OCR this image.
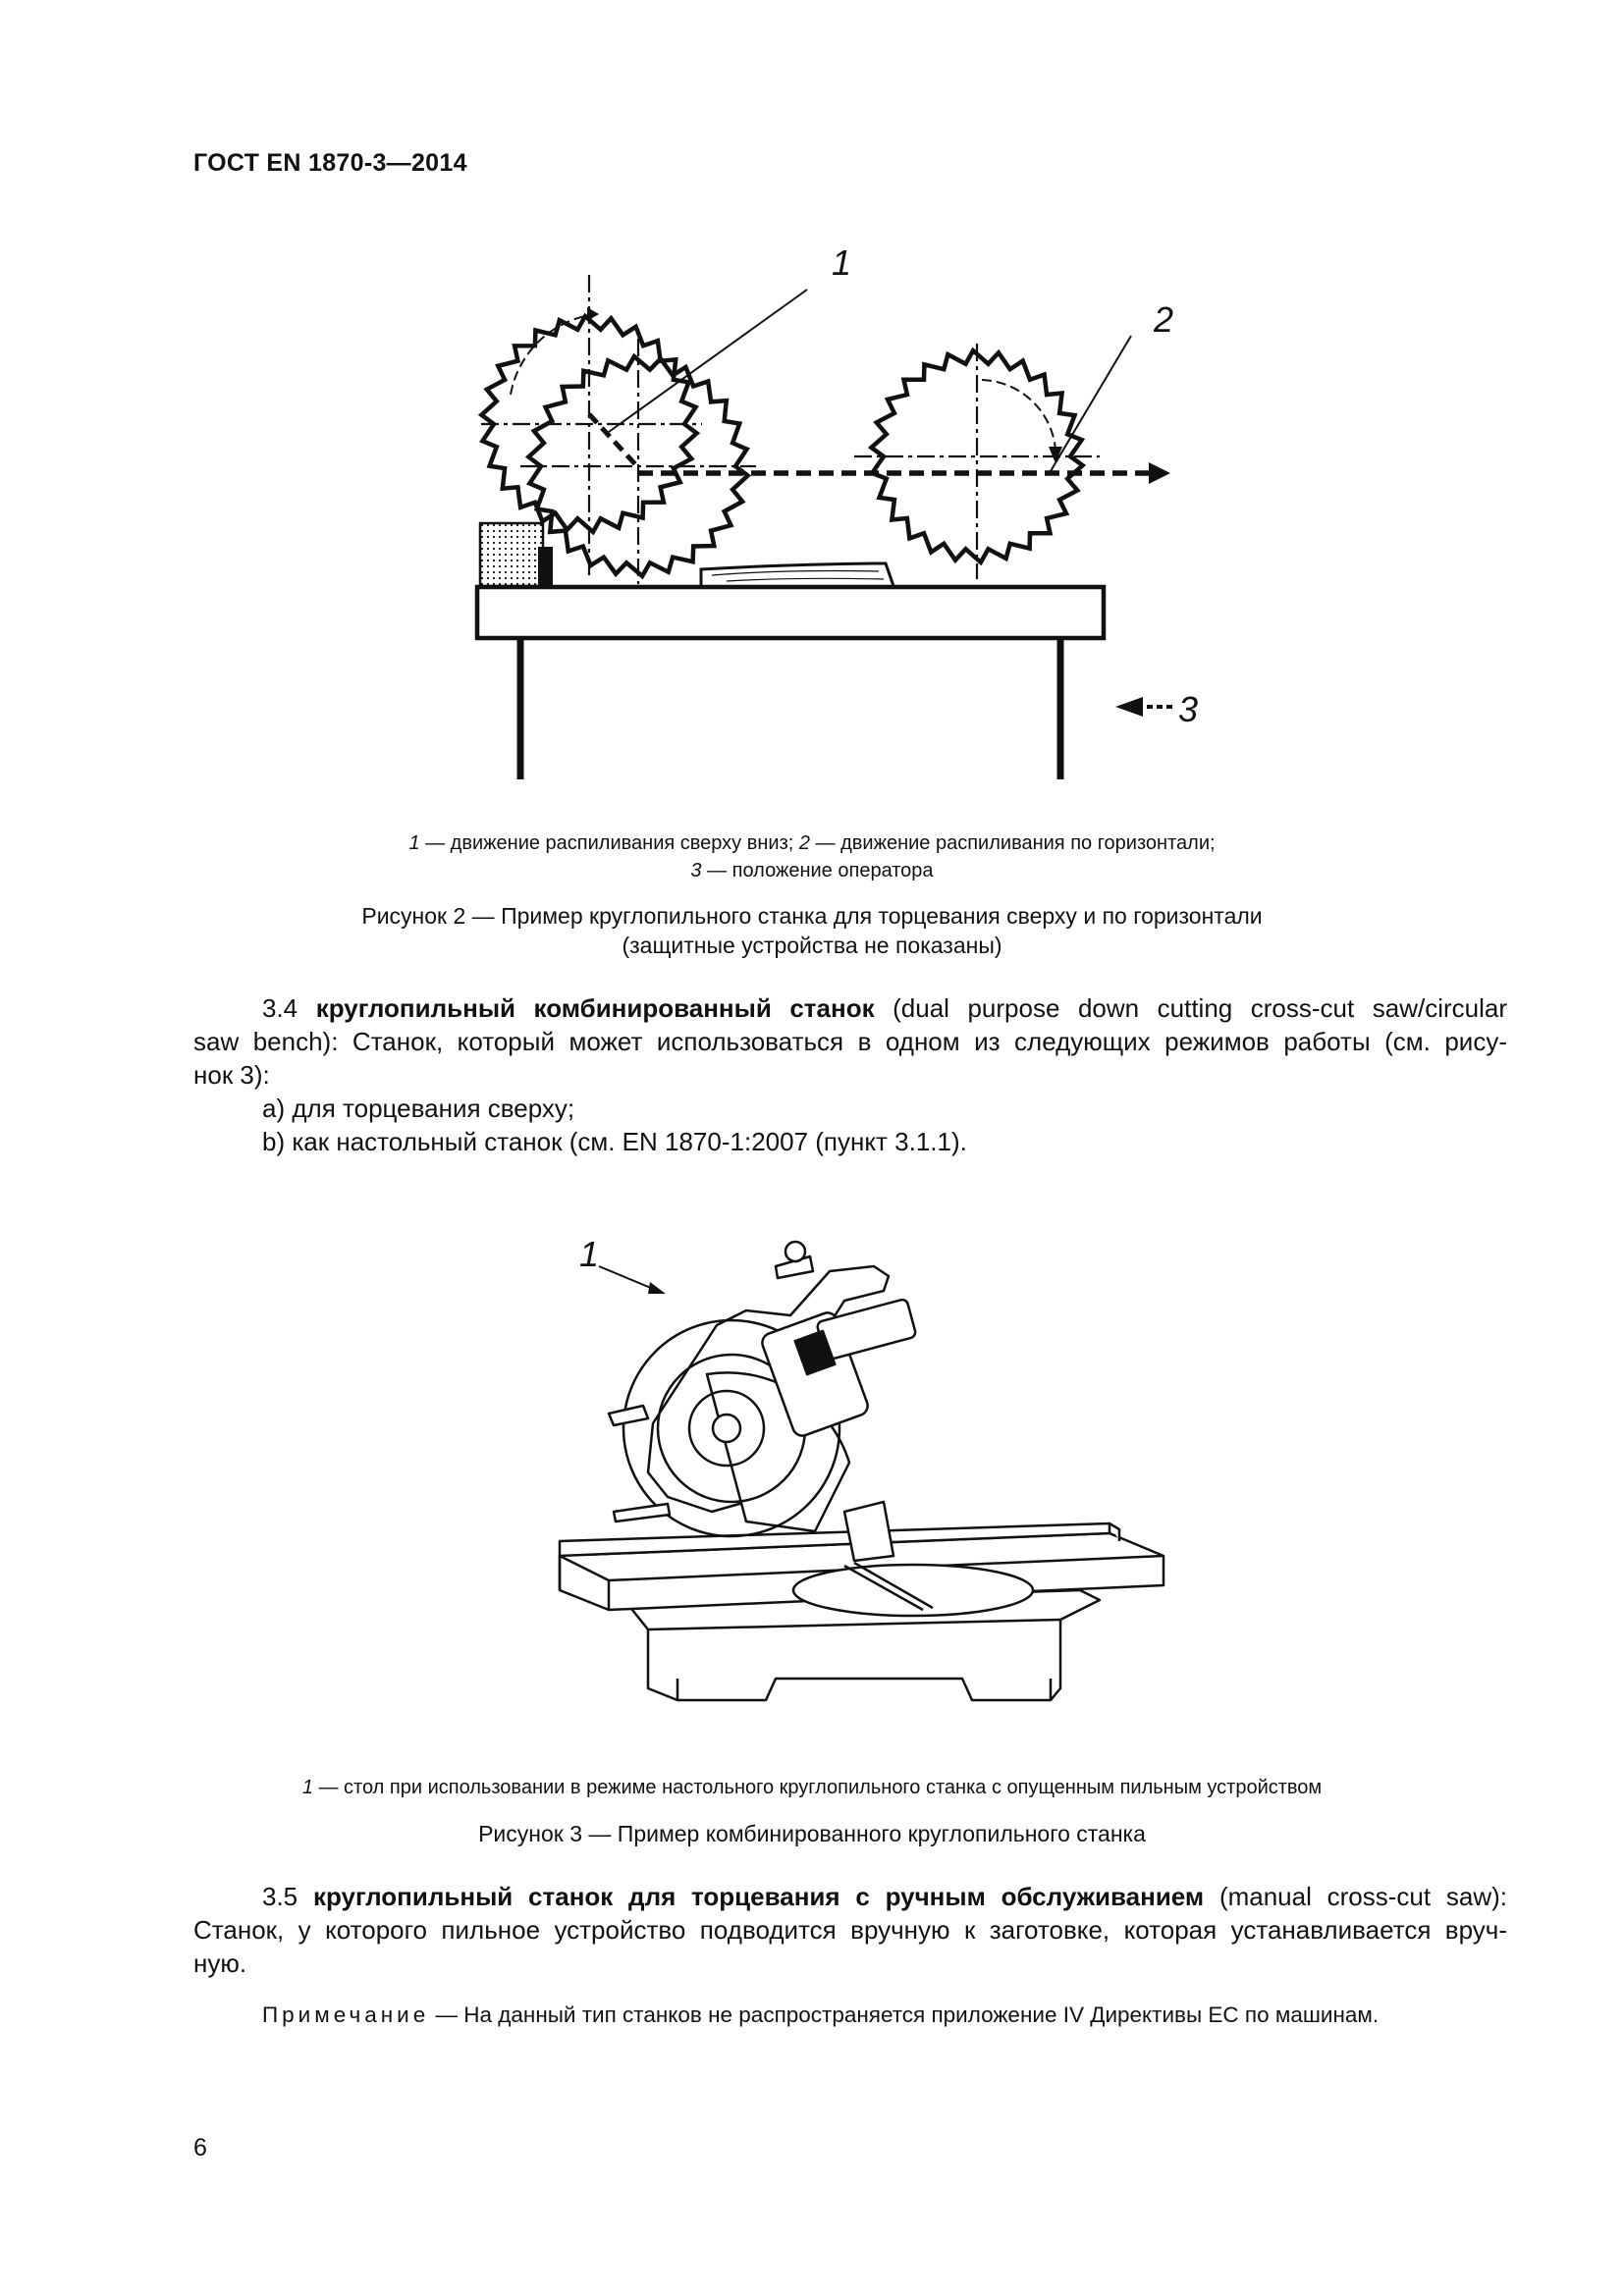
ГОСТ EN 1870-3—2014
1
2
3
1 — движение распиливания сверху вниз; 2 — движение распиливания по горизонтали;
3 — положение оператора
Рисунок 2 — Пример круглопильного станка для торцевания сверху и по горизонтали
(защитные устройства не показаны)
3.4 круглопильный комбинированный станок (dual purpose down cutting cross-cut saw/circular
saw bench): Станок, который может использоваться в одном из следующих режимов работы (см. рису-
нок 3):
a) для торцевания сверху;
b) как настольный станок (см. EN 1870-1:2007 (пункт 3.1.1).
1
1 — стол при использовании в режиме настольного круглопильного станка с опущенным пильным устройством
Рисунок 3 — Пример комбинированного круглопильного станка
3.5 круглопильный станок для торцевания с ручным обслуживанием (manual cross-cut saw):
Станок, у которого пильное устройство подводится вручную к заготовке, которая устанавливается вруч-
ную.
Примечание — На данный тип станков не распространяется приложение IV Директивы ЕС по машинам.
6
